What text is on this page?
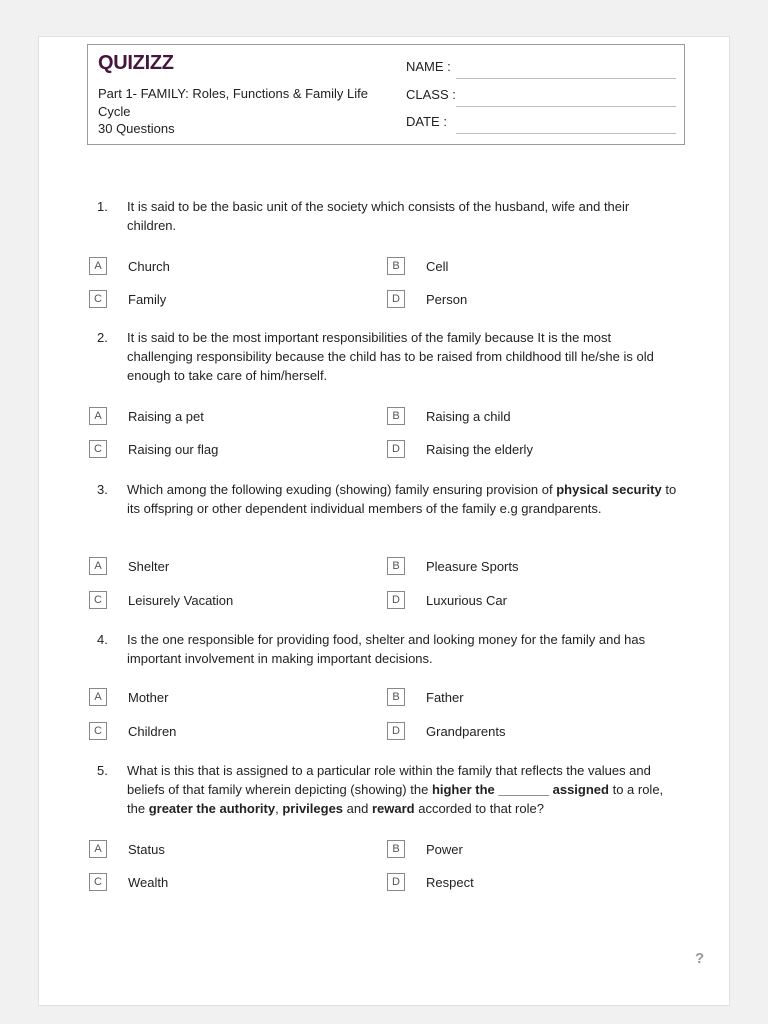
QUIZIZZ
Part 1- FAMILY: Roles, Functions & Family Life Cycle
30 Questions
NAME :
CLASS :
DATE :
1.	It is said to be the basic unit of the society which consists of the husband, wife and their children.
A	Church	B	Cell
C	Family	D	Person
2.	It is said to be the most important responsibilities of the family because It is the most challenging responsibility because the child has to be raised from childhood till he/she is old enough to take care of him/herself.
A	Raising a pet	B	Raising a child
C	Raising our flag	D	Raising the elderly
3.	Which among the following exuding (showing) family ensuring provision of physical security to its offspring or other dependent individual members of the family e.g grandparents.
A	Shelter	B	Pleasure Sports
C	Leisurely Vacation	D	Luxurious Car
4.	Is the one responsible for providing food, shelter and looking money for the family and has important involvement in making important decisions.
A	Mother	B	Father
C	Children	D	Grandparents
5.	What is this that is assigned to a particular role within the family that reflects the values and beliefs of that family wherein depicting (showing) the higher the _______ assigned to a role, the greater the authority, privileges and reward accorded to that role?
A	Status	B	Power
C	Wealth	D	Respect
?
